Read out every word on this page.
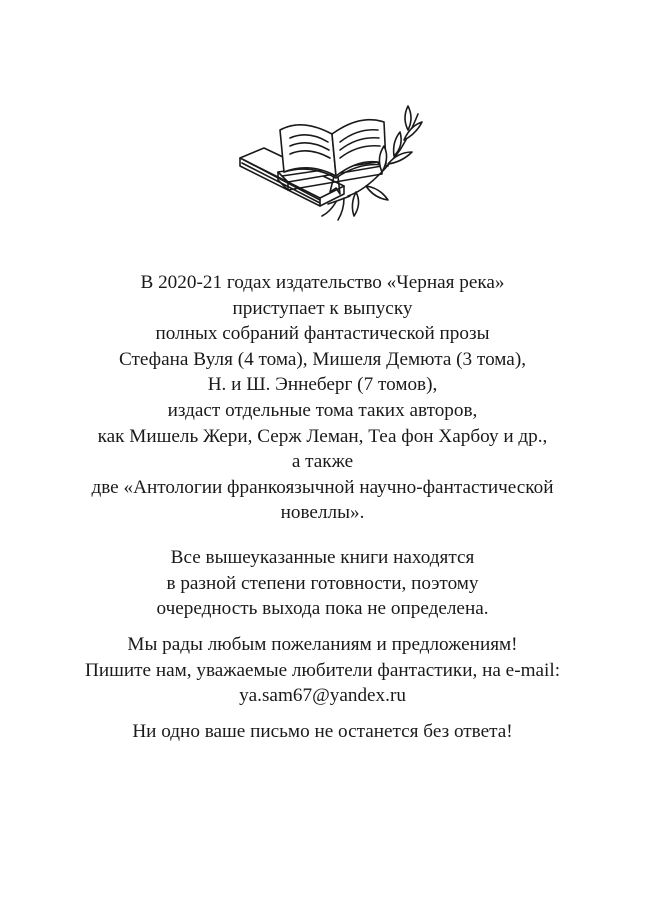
В 2020-21 годах издательство «Черная река»
приступает к выпуску
полных собраний фантастической прозы
Стефана Вуля (4 тома), Мишеля Демюта (3 тома),
Н. и Ш. Эннеберг (7 томов),
издаст отдельные тома таких авторов,
как Мишель Жери, Серж Леман, Теа фон Харбоу и др.,
а также
две «Антологии франкоязычной научно-фантастической
новеллы».
Все вышеуказанные книги находятся
в разной степени готовности, поэтому
очередность выхода пока не определена.
Мы рады любым пожеланиям и предложениям!
Пишите нам, уважаемые любители фантастики, на e-mail:
ya.sam67@yandex.ru
Ни одно ваше письмо не останется без ответа!
